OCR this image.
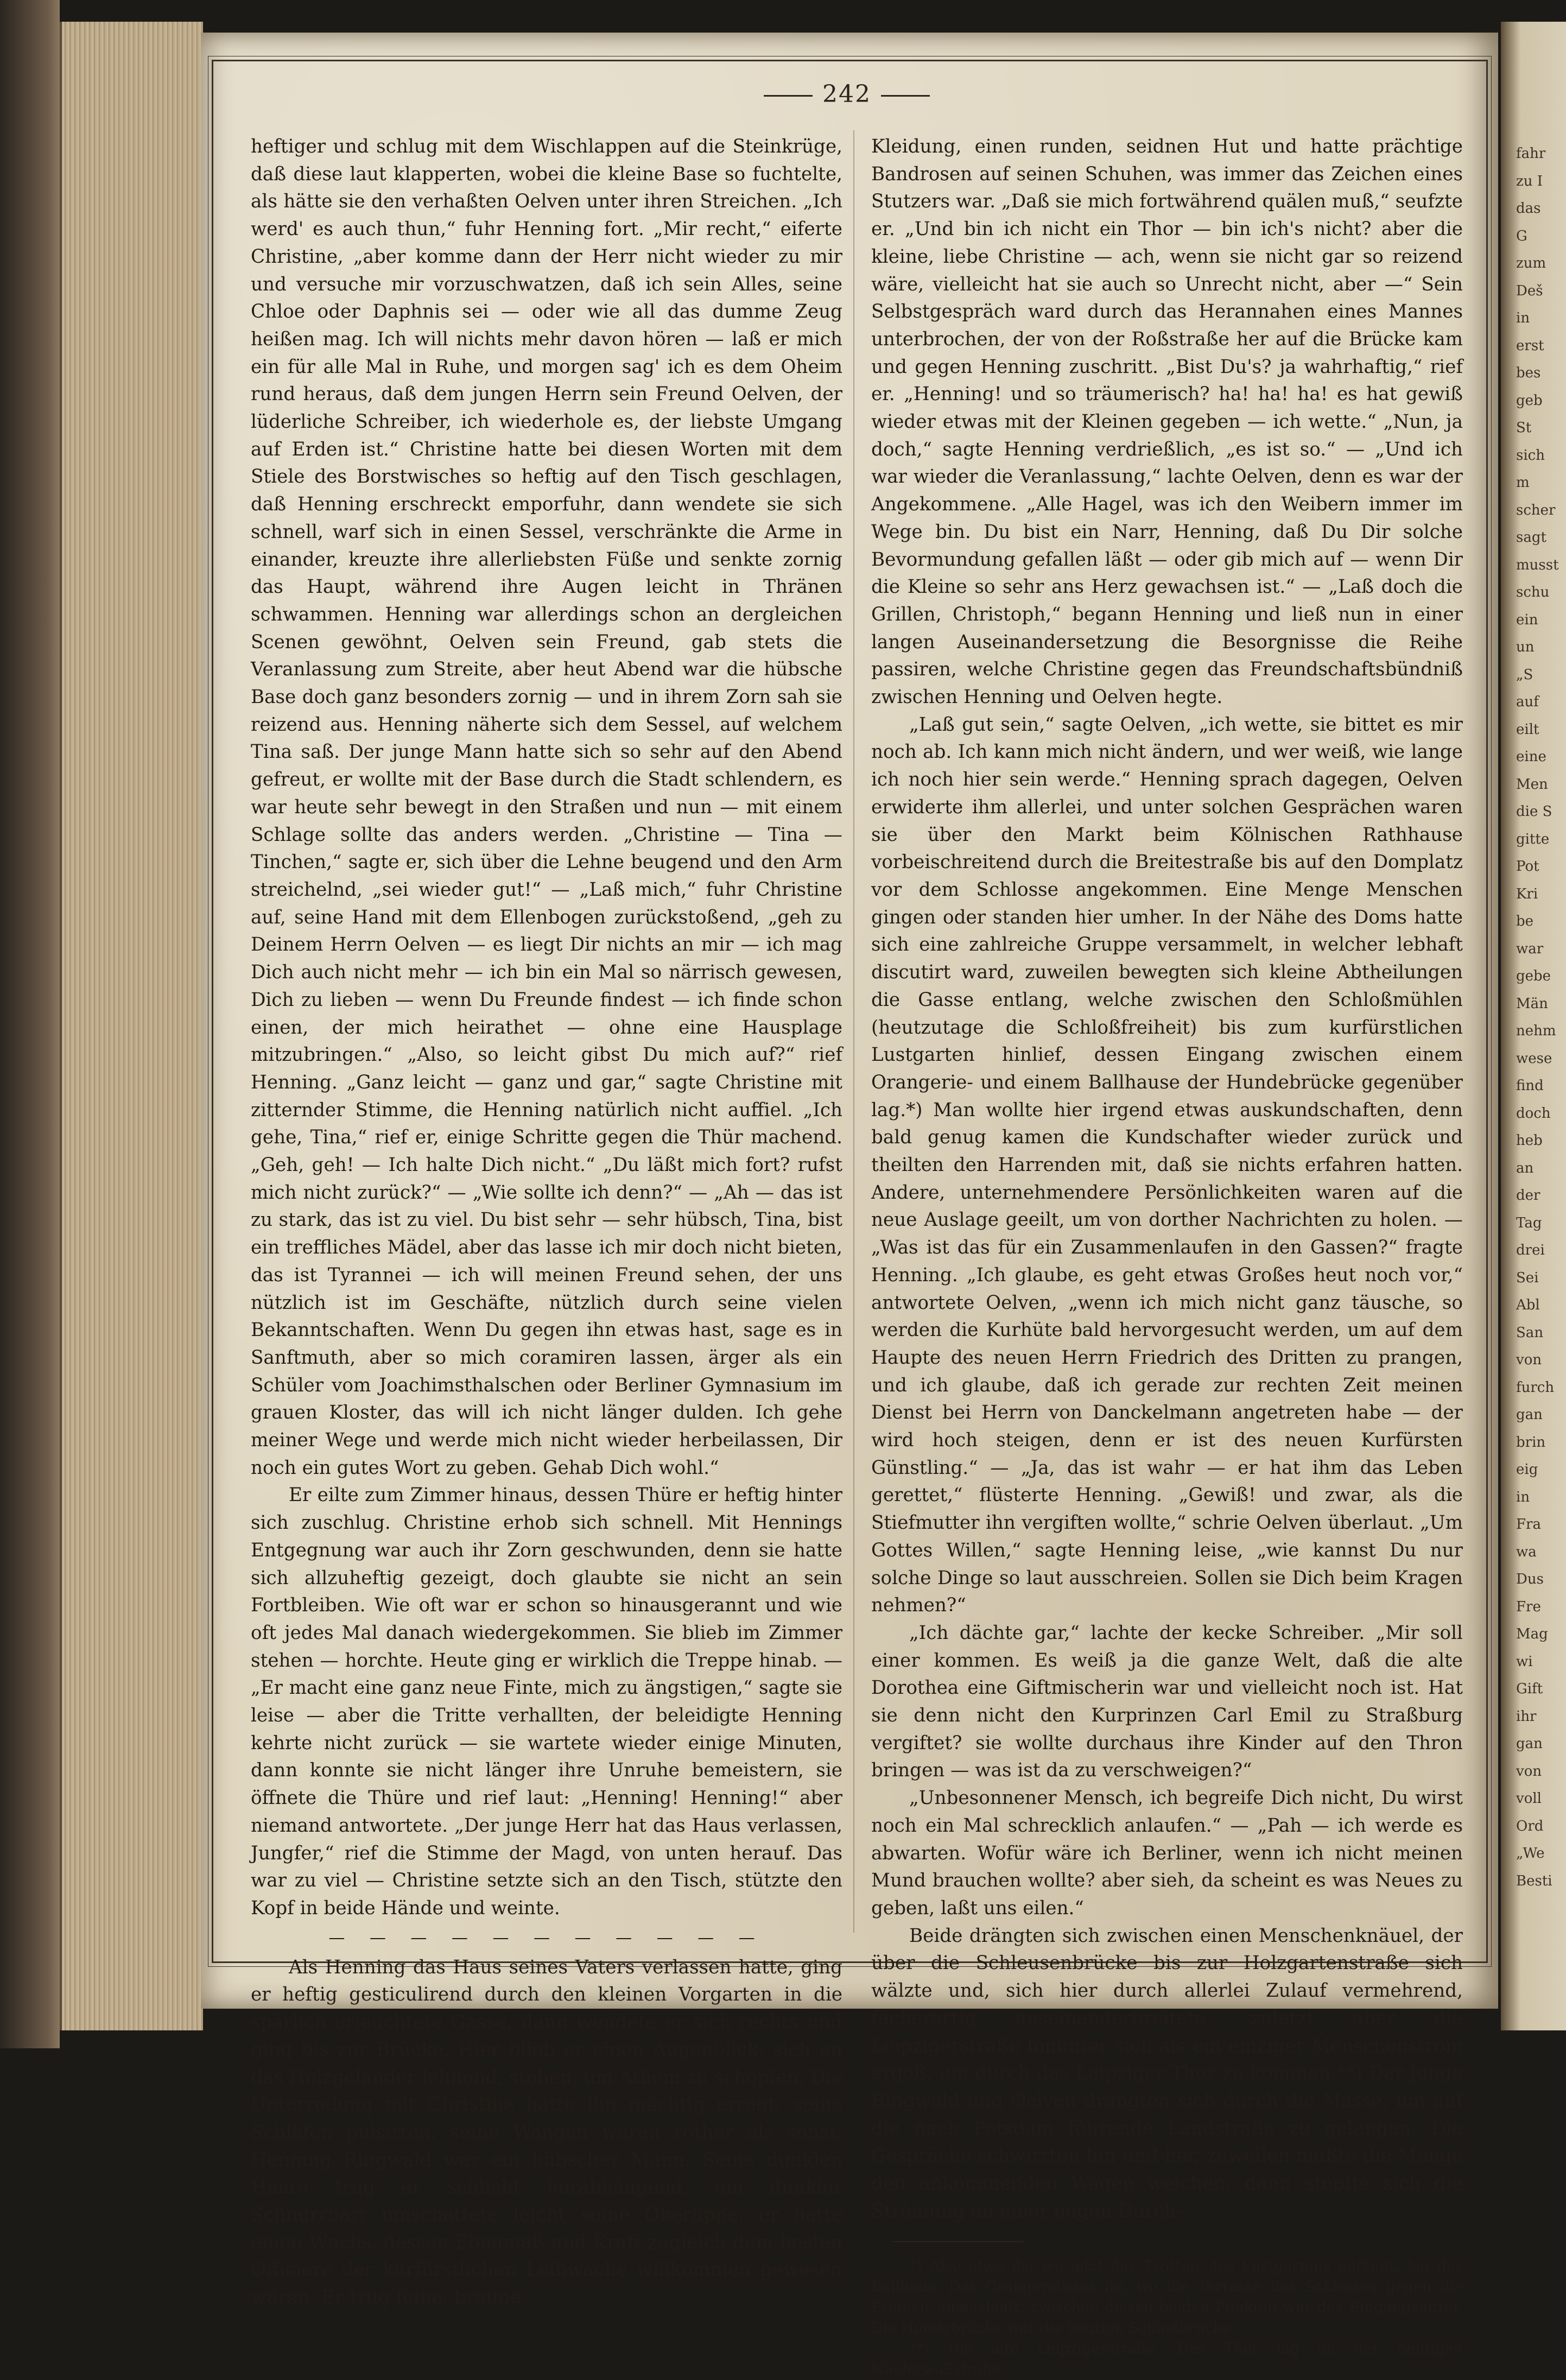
242

heftiger und schlug mit dem Wischlappen auf die Steinkrüge, daß diese laut klapperten, wobei die kleine Base so fuchtelte, als hätte sie den verhaßten Oelven unter ihren Streichen. „Ich werd' es auch thun,“ fuhr Henning fort. „Mir recht,“ eiferte Christine, „aber komme dann der Herr nicht wieder zu mir und versuche mir vorzuschwatzen, daß ich sein Alles, seine Chloe oder Daphnis sei — oder wie all das dumme Zeug heißen mag. Ich will nichts mehr davon hören — laß er mich ein für alle Mal in Ruhe, und morgen sag' ich es dem Oheim rund heraus, daß dem jungen Herrn sein Freund Oelven, der lüderliche Schreiber, ich wiederhole es, der liebste Umgang auf Erden ist.“ Christine hatte bei diesen Worten mit dem Stiele des Borstwisches so heftig auf den Tisch geschlagen, daß Henning erschreckt emporfuhr, dann wendete sie sich schnell, warf sich in einen Sessel, verschränkte die Arme in einander, kreuzte ihre allerliebsten Füße und senkte zornig das Haupt, während ihre Augen leicht in Thränen schwammen. Henning war allerdings schon an dergleichen Scenen gewöhnt, Oelven sein Freund, gab stets die Veranlassung zum Streite, aber heut Abend war die hübsche Base doch ganz besonders zornig — und in ihrem Zorn sah sie reizend aus. Henning näherte sich dem Sessel, auf welchem Tina saß. Der junge Mann hatte sich so sehr auf den Abend gefreut, er wollte mit der Base durch die Stadt schlendern, es war heute sehr bewegt in den Straßen und nun — mit einem Schlage sollte das anders werden. „Christine — Tina — Tinchen,“ sagte er, sich über die Lehne beugend und den Arm streichelnd, „sei wieder gut!“ — „Laß mich,“ fuhr Christine auf, seine Hand mit dem Ellenbogen zurückstoßend, „geh zu Deinem Herrn Oelven — es liegt Dir nichts an mir — ich mag Dich auch nicht mehr — ich bin ein Mal so närrisch gewesen, Dich zu lieben — wenn Du Freunde findest — ich finde schon einen, der mich heirathet — ohne eine Hausplage mitzubringen.“ „Also, so leicht gibst Du mich auf?“ rief Henning. „Ganz leicht — ganz und gar,“ sagte Christine mit zitternder Stimme, die Henning natürlich nicht auffiel. „Ich gehe, Tina,“ rief er, einige Schritte gegen die Thür machend. „Geh, geh! — Ich halte Dich nicht.“ „Du läßt mich fort? rufst mich nicht zurück?“ — „Wie sollte ich denn?“ — „Ah — das ist zu stark, das ist zu viel. Du bist sehr — sehr hübsch, Tina, bist ein treffliches Mädel, aber das lasse ich mir doch nicht bieten, das ist Tyrannei — ich will meinen Freund sehen, der uns nützlich ist im Geschäfte, nützlich durch seine vielen Bekanntschaften. Wenn Du gegen ihn etwas hast, sage es in Sanftmuth, aber so mich coramiren lassen, ärger als ein Schüler vom Joachimsthalschen oder Berliner Gymnasium im grauen Kloster, das will ich nicht länger dulden. Ich gehe meiner Wege und werde mich nicht wieder herbeilassen, Dir noch ein gutes Wort zu geben. Gehab Dich wohl.“

Er eilte zum Zimmer hinaus, dessen Thüre er heftig hinter sich zuschlug. Christine erhob sich schnell. Mit Hennings Entgegnung war auch ihr Zorn geschwunden, denn sie hatte sich allzuheftig gezeigt, doch glaubte sie nicht an sein Fortbleiben. Wie oft war er schon so hinausgerannt und wie oft jedes Mal danach wiedergekommen. Sie blieb im Zimmer stehen — horchte. Heute ging er wirklich die Treppe hinab. — „Er macht eine ganz neue Finte, mich zu ängstigen,“ sagte sie leise — aber die Tritte verhallten, der beleidigte Henning kehrte nicht zurück — sie wartete wieder einige Minuten, dann konnte sie nicht länger ihre Unruhe bemeistern, sie öffnete die Thüre und rief laut: „Henning! Henning!“ aber niemand antwortete. „Der junge Herr hat das Haus verlassen, Jungfer,“ rief die Stimme der Magd, von unten herauf. Das war zu viel — Christine setzte sich an den Tisch, stützte den Kopf in beide Hände und weinte.

— — — — — — — — — — —

Als Henning das Haus seines Vaters verlassen hatte, ging er heftig gesticulirend durch den kleinen Vorgarten in die spärlich erleuchtete Gasse, dann wendete er sich rechts und ging bis zur Brücke. Hier blieb er einen Augenblick, sich an das Holzgeländer lehnend, stehen, um Athem zu schöpfen. Die Unterredung mit Christine hatte ihn mächtig erregt, seine Schläfen pulsirten, seine Wangen waren röther als sonst. Henning Ringwald war ein hübscher Mann. Seine dunklen Haare trug er schlicht herabhängend, ein dunkler Schnurrbart umschattete leicht seine Oberlippe, er hatte einen Wuchs, dessen Ebenmaß und Kraft zugleich dem besten Officiere der kurfürstlichen Leibwache willkommen gewesen wären. Er trug feine, braune

Kleidung, einen runden, seidnen Hut und hatte prächtige Bandrosen auf seinen Schuhen, was immer das Zeichen eines Stutzers war. „Daß sie mich fortwährend quälen muß,“ seufzte er. „Und bin ich nicht ein Thor — bin ich's nicht? aber die kleine, liebe Christine — ach, wenn sie nicht gar so reizend wäre, vielleicht hat sie auch so Unrecht nicht, aber —“ Sein Selbstgespräch ward durch das Herannahen eines Mannes unterbrochen, der von der Roßstraße her auf die Brücke kam und gegen Henning zuschritt. „Bist Du's? ja wahrhaftig,“ rief er. „Henning! und so träumerisch? ha! ha! ha! es hat gewiß wieder etwas mit der Kleinen gegeben — ich wette.“ „Nun, ja doch,“ sagte Henning verdrießlich, „es ist so.“ — „Und ich war wieder die Veranlassung,“ lachte Oelven, denn es war der Angekommene. „Alle Hagel, was ich den Weibern immer im Wege bin. Du bist ein Narr, Henning, daß Du Dir solche Bevormundung gefallen läßt — oder gib mich auf — wenn Dir die Kleine so sehr ans Herz gewachsen ist.“ — „Laß doch die Grillen, Christoph,“ begann Henning und ließ nun in einer langen Auseinandersetzung die Besorgnisse die Reihe passiren, welche Christine gegen das Freundschaftsbündniß zwischen Henning und Oelven hegte.

„Laß gut sein,“ sagte Oelven, „ich wette, sie bittet es mir noch ab. Ich kann mich nicht ändern, und wer weiß, wie lange ich noch hier sein werde.“ Henning sprach dagegen, Oelven erwiderte ihm allerlei, und unter solchen Gesprächen waren sie über den Markt beim Kölnischen Rathhause vorbeischreitend durch die Breitestraße bis auf den Domplatz vor dem Schlosse angekommen. Eine Menge Menschen gingen oder standen hier umher. In der Nähe des Doms hatte sich eine zahlreiche Gruppe versammelt, in welcher lebhaft discutirt ward, zuweilen bewegten sich kleine Abtheilungen die Gasse entlang, welche zwischen den Schloßmühlen (heutzutage die Schloßfreiheit) bis zum kurfürstlichen Lustgarten hinlief, dessen Eingang zwischen einem Orangerie- und einem Ballhause der Hundebrücke gegenüber lag.*) Man wollte hier irgend etwas auskundschaften, denn bald genug kamen die Kundschafter wieder zurück und theilten den Harrenden mit, daß sie nichts erfahren hatten. Andere, unternehmendere Persönlichkeiten waren auf die neue Auslage geeilt, um von dorther Nachrichten zu holen. — „Was ist das für ein Zusammenlaufen in den Gassen?“ fragte Henning. „Ich glaube, es geht etwas Großes heut noch vor,“ antwortete Oelven, „wenn ich mich nicht ganz täusche, so werden die Kurhüte bald hervorgesucht werden, um auf dem Haupte des neuen Herrn Friedrich des Dritten zu prangen, und ich glaube, daß ich gerade zur rechten Zeit meinen Dienst bei Herrn von Danckelmann angetreten habe — der wird hoch steigen, denn er ist des neuen Kurfürsten Günstling.“ — „Ja, das ist wahr — er hat ihm das Leben gerettet,“ flüsterte Henning. „Gewiß! und zwar, als die Stiefmutter ihn vergiften wollte,“ schrie Oelven überlaut. „Um Gottes Willen,“ sagte Henning leise, „wie kannst Du nur solche Dinge so laut ausschreien. Sollen sie Dich beim Kragen nehmen?“

„Ich dächte gar,“ lachte der kecke Schreiber. „Mir soll einer kommen. Es weiß ja die ganze Welt, daß die alte Dorothea eine Giftmischerin war und vielleicht noch ist. Hat sie denn nicht den Kurprinzen Carl Emil zu Straßburg vergiftet? sie wollte durchaus ihre Kinder auf den Thron bringen — was ist da zu verschweigen?“

„Unbesonnener Mensch, ich begreife Dich nicht, Du wirst noch ein Mal schrecklich anlaufen.“ — „Pah — ich werde es abwarten. Wofür wäre ich Berliner, wenn ich nicht meinen Mund brauchen wollte? aber sieh, da scheint es was Neues zu geben, laßt uns eilen.“

Beide drängten sich zwischen einen Menschenknäuel, der über die Schleusenbrücke bis zur Holzgartenstraße sich wälzte und, sich hier durch allerlei Zulauf vermehrend, fächerartig auseinanderbreitete, zuletzt aber die Leipzigerstraße hinunter sich als ein einziger Menschenstrom ergoß, um durch das Leipziger Thor zu kommen.**) Der junge Ringwald und Oelven drängten sich durch die Masse, um auf die nach Potsdam führende Landstraße zu gelangen. Die Gespräche schwirrten hin und her, zuweilen mußte die Menge den ankommenden Wagen weichen, dann stopfte sich die Strömung an einer engen Durch-

*) Also etwa da, wo jetzt das Trottoir des Lustgartens anfängt, lag das Ballhaus. Das Orangeriehaus da, wo die Terrasse des Schlosses gegen die Freiheit hinausläuft, zwischen diesen beiden Punkten war das Eingangsgitter. Die Hundebrücke war die heutige Schloßbrücke.

**) Die alte Leipzigerstraße. Das Thor lag an der heutigen Niederwallstraße.

fahr
zu I
das
G
zum
Deš
in
erst
bes
geb
St
sich
m
scher
sagt
musst
schu
ein
un
„S
auf
eilt
eine
Men
die S
gitte
Pot
Kri
be
war
gebe
Män
nehm
wese
find
doch
heb
an
der
Tag
drei
Sei
Abl
San
von
furch
gan
brin
eig
in
Fra
wa
Dus
Fre
Mag
wi
Gift
ihr
gan
von
voll
Ord
„We
Besti
